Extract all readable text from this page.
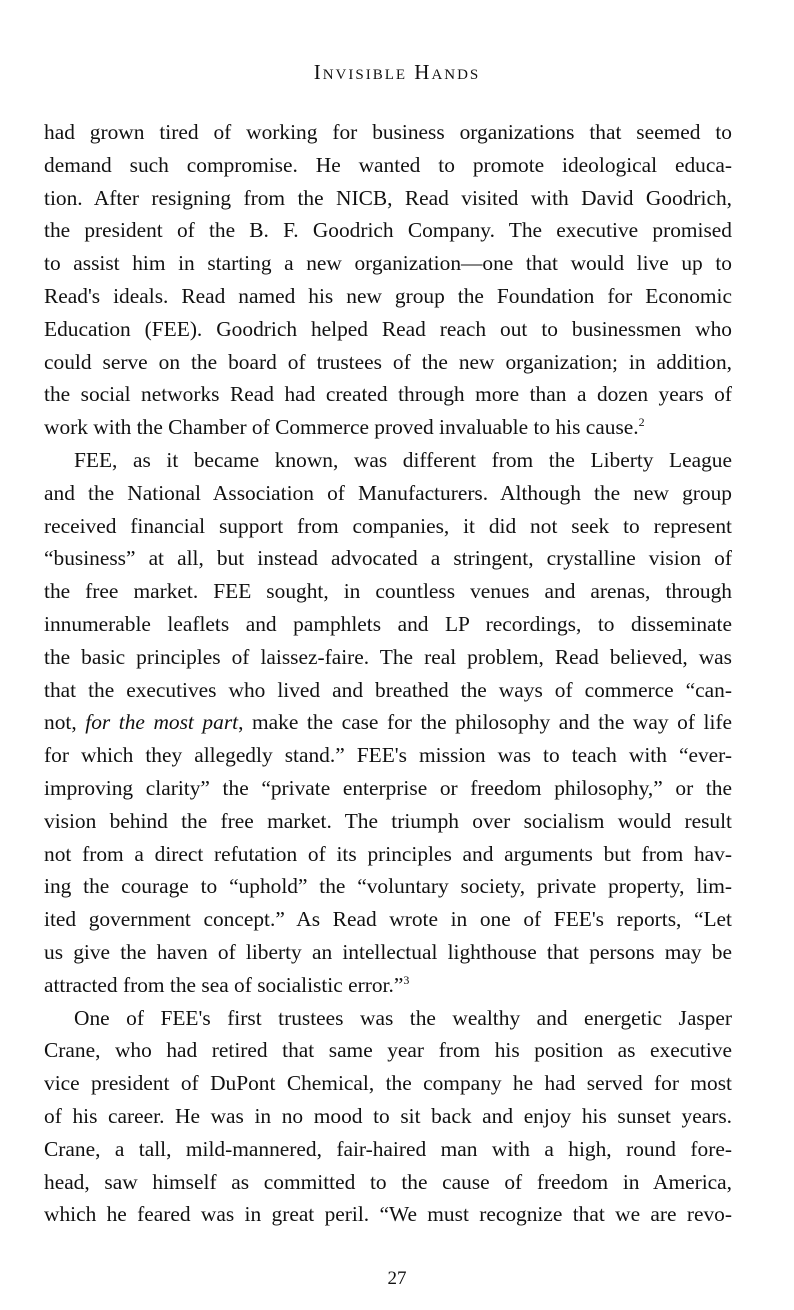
Invisible Hands
had grown tired of working for business organizations that seemed to
demand such compromise. He wanted to promote ideological educa-
tion. After resigning from the NICB, Read visited with David Goodrich,
the president of the B. F. Goodrich Company. The executive promised
to assist him in starting a new organization—one that would live up to
Read's ideals. Read named his new group the Foundation for Economic
Education (FEE). Goodrich helped Read reach out to businessmen who
could serve on the board of trustees of the new organization; in addition,
the social networks Read had created through more than a dozen years of
work with the Chamber of Commerce proved invaluable to his cause.$^2$
FEE, as it became known, was different from the Liberty League
and the National Association of Manufacturers. Although the new group
received financial support from companies, it did not seek to represent
“business” at all, but instead advocated a stringent, crystalline vision of
the free market. FEE sought, in countless venues and arenas, through
innumerable leaflets and pamphlets and LP recordings, to disseminate
the basic principles of laissez-faire. The real problem, Read believed, was
that the executives who lived and breathed the ways of commerce “can-
not, for the most part, make the case for the philosophy and the way of life
for which they allegedly stand.” FEE's mission was to teach with “ever-
improving clarity” the “private enterprise or freedom philosophy,” or the
vision behind the free market. The triumph over socialism would result
not from a direct refutation of its principles and arguments but from hav-
ing the courage to “uphold” the “voluntary society, private property, lim-
ited government concept.” As Read wrote in one of FEE's reports, “Let
us give the haven of liberty an intellectual lighthouse that persons may be
attracted from the sea of socialistic error.”$^3$
One of FEE's first trustees was the wealthy and energetic Jasper
Crane, who had retired that same year from his position as executive
vice president of DuPont Chemical, the company he had served for most
of his career. He was in no mood to sit back and enjoy his sunset years.
Crane, a tall, mild-mannered, fair-haired man with a high, round fore-
head, saw himself as committed to the cause of freedom in America,
which he feared was in great peril. “We must recognize that we are revo-
27
